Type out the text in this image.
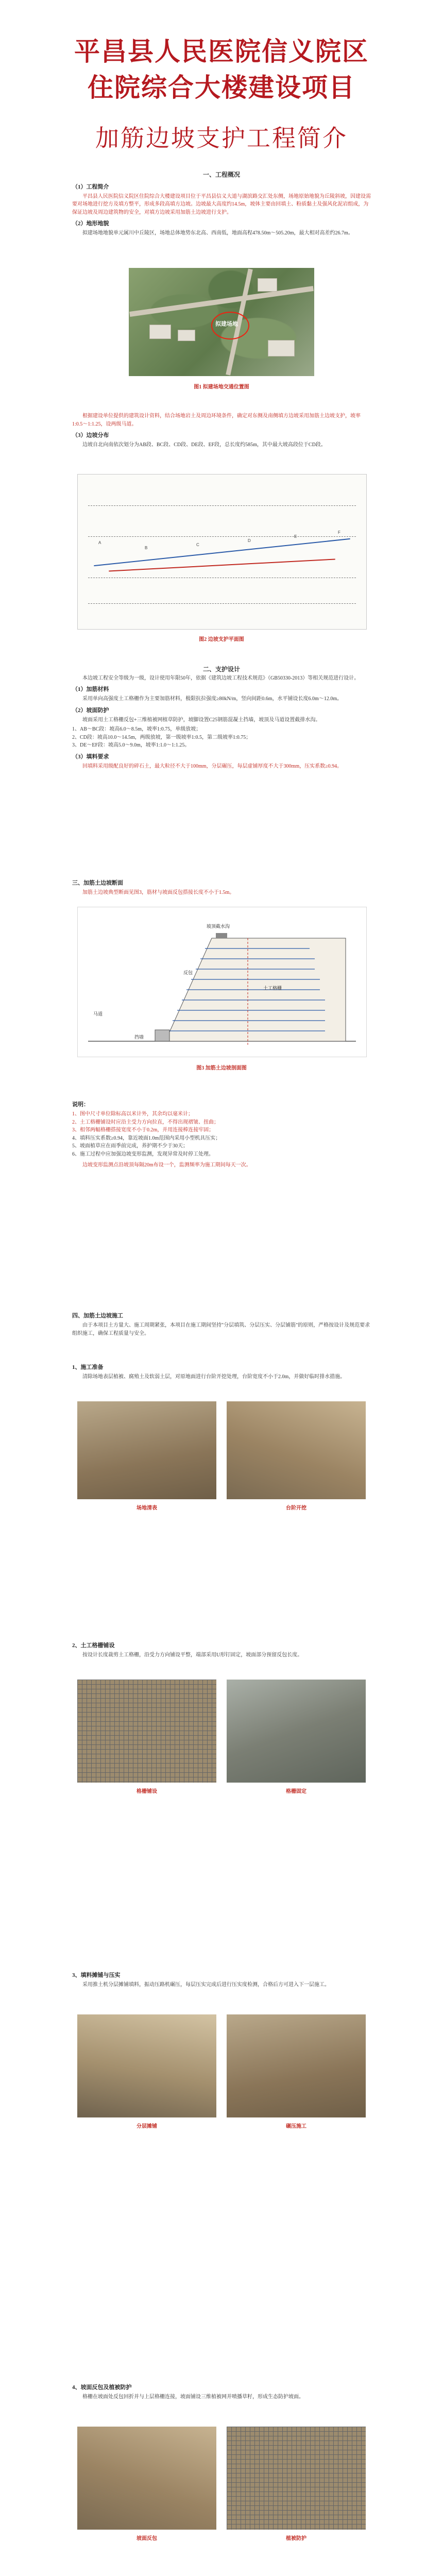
平昌县人民医院信义院区
住院综合大楼建设项目
加筋边坡支护工程简介
一、工程概况
（1）工程简介

平昌县人民医院信义院区住院综合大楼建设项目位于平昌县信义大道与湖滨路交汇处东侧，场地原始地貌为丘陵斜坡，因建设需要对场地进行挖方及填方整平，形成多段高填方边坡。边坡最大高度约14.5m，坡体主要由回填土、粉质黏土及强风化泥岩组成，为保证边坡及周边建筑物的安全，对填方边坡采用加筋土边坡进行支护。

（2）地形地貌

拟建场地地貌单元属川中丘陵区，场地总体地势东北高、西南低，地面高程478.50m～505.20m，最大相对高差约26.7m。

拟建场地
图1 拟建场地交通位置图

根据建设单位提供的建筑设计资料，结合场地岩土及周边环境条件，确定对东侧及南侧填方边坡采用加筋土边坡支护，坡率1:0.5～1:1.25，设两级马道。

（3）边坡分布

边坡自北向南依次划分为AB段、BC段、CD段、DE段、EF段，总长度约585m，其中最大坡高段位于CD段。

A
B
C
D
E
F
图2 边坡支护平面图
二、支护设计

本边坡工程安全等级为一级，设计使用年限50年，依据《建筑边坡工程技术规范》（GB50330-2013）等相关规范进行设计。

（1）加筋材料

采用单向高强度土工格栅作为主要加筋材料，极限抗拉强度≥80kN/m，竖向间距0.6m，水平铺设长度6.0m～12.0m。

（2）坡面防护

坡面采用土工格栅反包+三维植被网植草防护，坡脚设置C25钢筋混凝土挡墙，坡顶及马道设置截排水沟。

1、AB～BC段：坡高6.0～8.5m，坡率1:0.75，单级放坡；
2、CD段：坡高10.0～14.5m，两级放坡，第一级坡率1:0.5，第二级坡率1:0.75；
3、DE～EF段：坡高5.0～9.0m，坡率1:1.0～1:1.25。
（3）填料要求

回填料采用级配良好的碎石土，最大粒径不大于100mm，分层碾压，每层虚铺厚度不大于300mm，压实系数≥0.94。

三、加筋土边坡断面

加筋土边坡典型断面见图3，筋材与坡面反包搭接长度不小于1.5m。

坡顶截水沟
土工格栅
反包
挡墙
马道
图3 加筋土边坡剖面图
说明：
1、图中尺寸单位除标高以米计外，其余均以毫米计；
2、土工格栅铺设时应沿主受力方向拉直，不得出现褶皱、扭曲；
3、相邻两幅格栅搭接宽度不小于0.2m，并用连接棒连接牢固；
4、填料压实系数≥0.94，靠近坡面1.0m范围内采用小型机具压实；
5、坡面植草应在雨季前完成，养护期不少于30天；
6、施工过程中应加强边坡变形监测，发现异常及时停工处理。

边坡变形监测点沿坡顶每隔20m布设一个，监测频率为施工期间每天一次。

四、加筋土边坡施工

由于本项目土方量大、施工周期紧张，本项目在施工期间坚持"分层填筑、分层压实、分层铺筋"的原则，严格按设计及规范要求组织施工，确保工程质量与安全。

1、施工准备

清除场地表层植被、腐殖土及软弱土层，对原地面进行台阶开挖处理，台阶宽度不小于2.0m，并做好临时排水措施。

场地清表	台阶开挖
2、土工格栅铺设

按设计长度裁剪土工格栅，沿受力方向铺设平整，端部采用U形钉固定，坡面部分预留反包长度。

格栅铺设	格栅固定
3、填料摊铺与压实

采用推土机分层摊铺填料，振动压路机碾压，每层压实完成后进行压实度检测，合格后方可进入下一层施工。

分层摊铺	碾压施工
4、坡面反包及植被防护

格栅在坡面处反包回折并与上层格栅连接，坡面铺设三维植被网并喷播草籽，形成生态防护坡面。

坡面反包	植被防护
